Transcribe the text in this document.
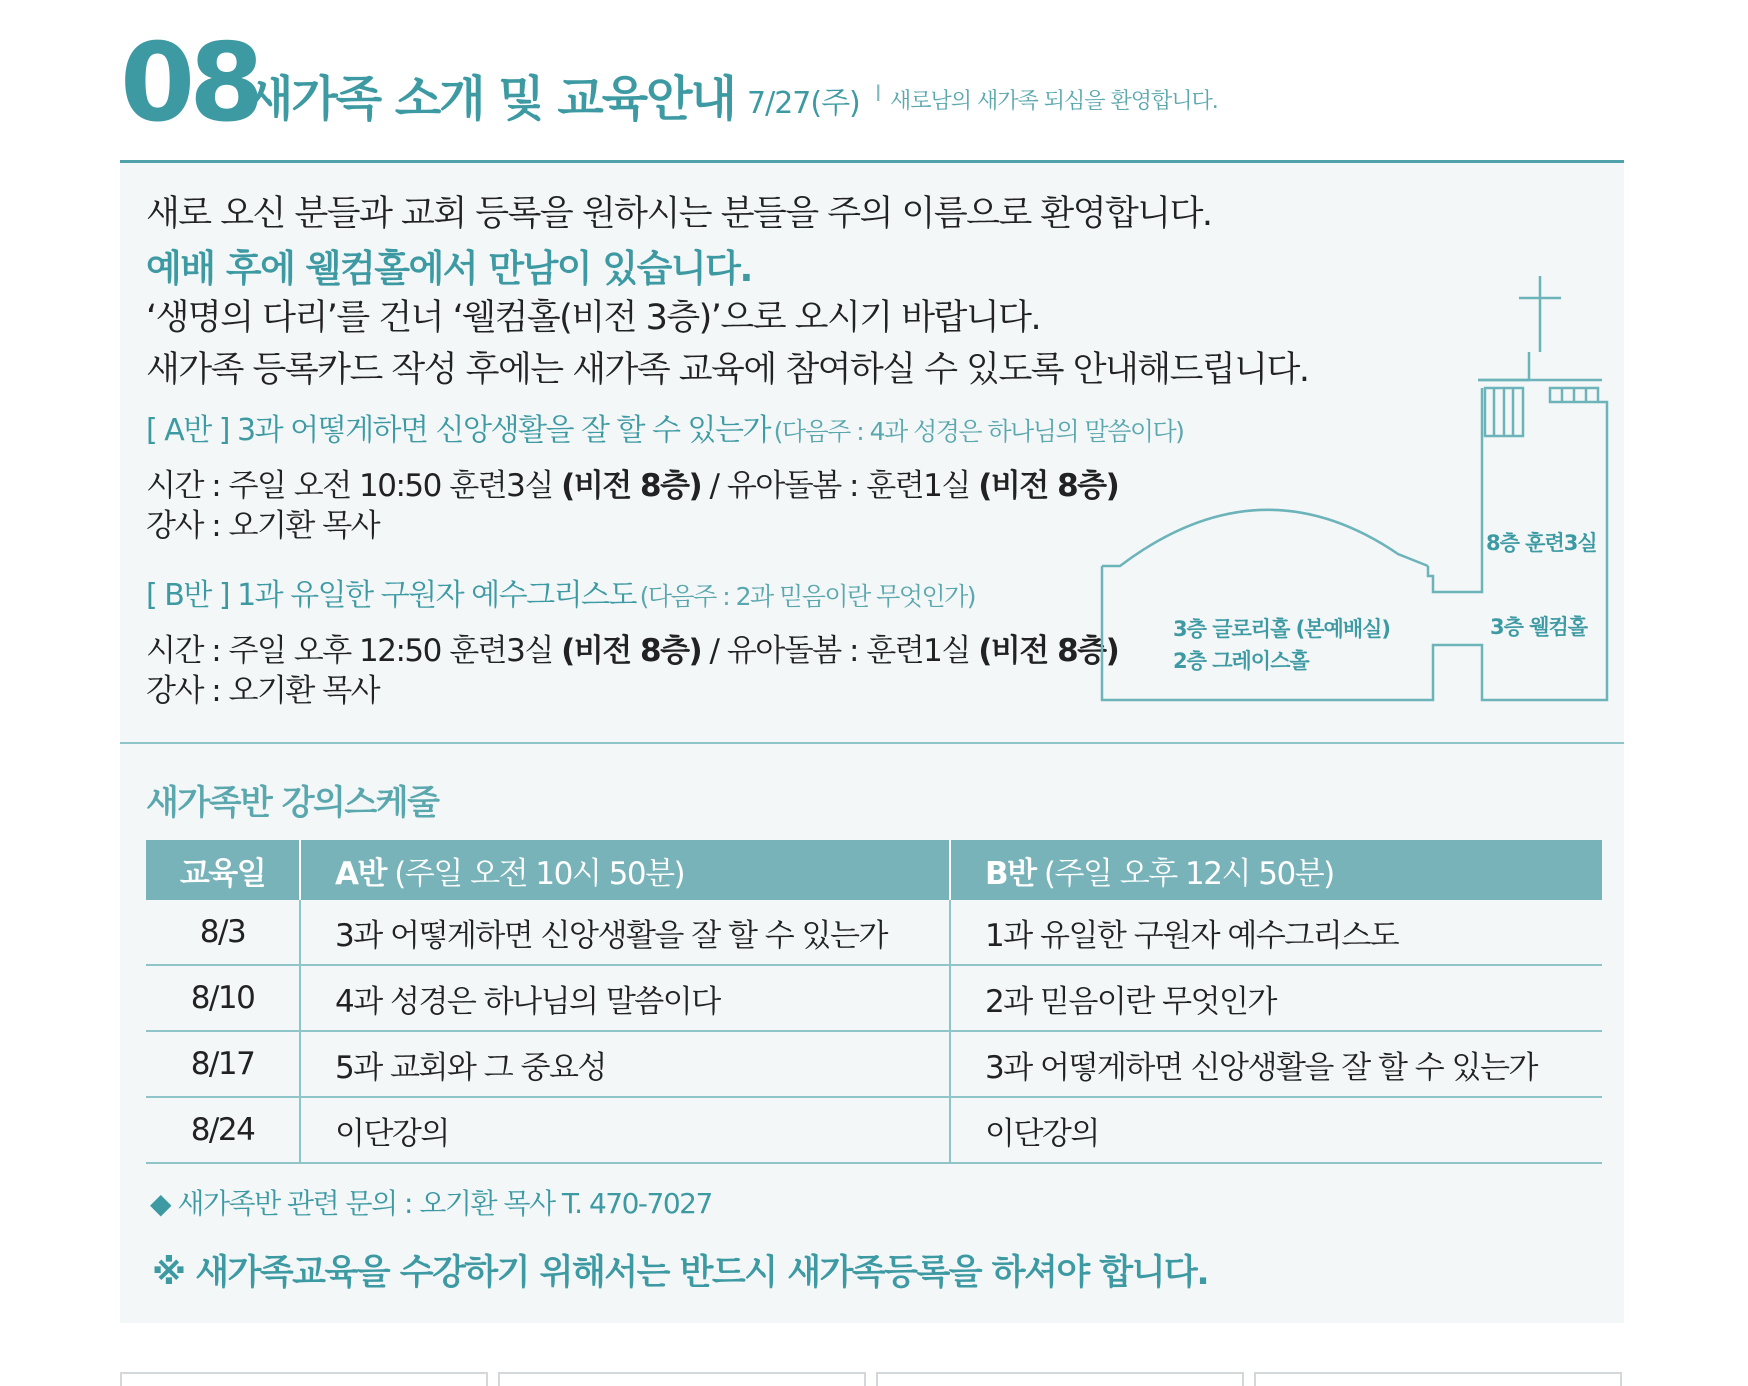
08
새가족 소개 및 교육안내 7/27(주) I 새로남의 새가족 되심을 환영합니다.
새로 오신 분들과 교회 등록을 원하시는 분들을 주의 이름으로 환영합니다.
예배 후에 웰컴홀에서 만남이 있습니다.
‘생명의 다리’를 건너 ‘웰컴홀(비전 3층)’으로 오시기 바랍니다.
새가족 등록카드 작성 후에는 새가족 교육에 참여하실 수 있도록 안내해드립니다.
[ A반 ] 3과 어떻게하면 신앙생활을 잘 할 수 있는가 (다음주 : 4과 성경은 하나님의 말씀이다)
시간 : 주일 오전 10:50 훈련3실 (비전 8층) / 유아돌봄 : 훈련1실 (비전 8층)
강사 : 오기환 목사
[ B반 ] 1과 유일한 구원자 예수그리스도 (다음주 : 2과 믿음이란 무엇인가)
시간 : 주일 오후 12:50 훈련3실 (비전 8층) / 유아돌봄 : 훈련1실 (비전 8층)
강사 : 오기환 목사
8층 훈련3실
3층 웰컴홀
3층 글로리홀 (본예배실)
2층 그레이스홀
새가족반 강의스케줄
교육일	A반 (주일 오전 10시 50분)	B반 (주일 오후 12시 50분)
8/3	3과 어떻게하면 신앙생활을 잘 할 수 있는가	1과 유일한 구원자 예수그리스도
8/10	4과 성경은 하나님의 말씀이다	2과 믿음이란 무엇인가
8/17	5과 교회와 그 중요성	3과 어떻게하면 신앙생활을 잘 할 수 있는가
8/24	이단강의	이단강의
◆ 새가족반 관련 문의 : 오기환 목사 T. 470-7027
※ 새가족교육을 수강하기 위해서는 반드시 새가족등록을 하셔야 합니다.
